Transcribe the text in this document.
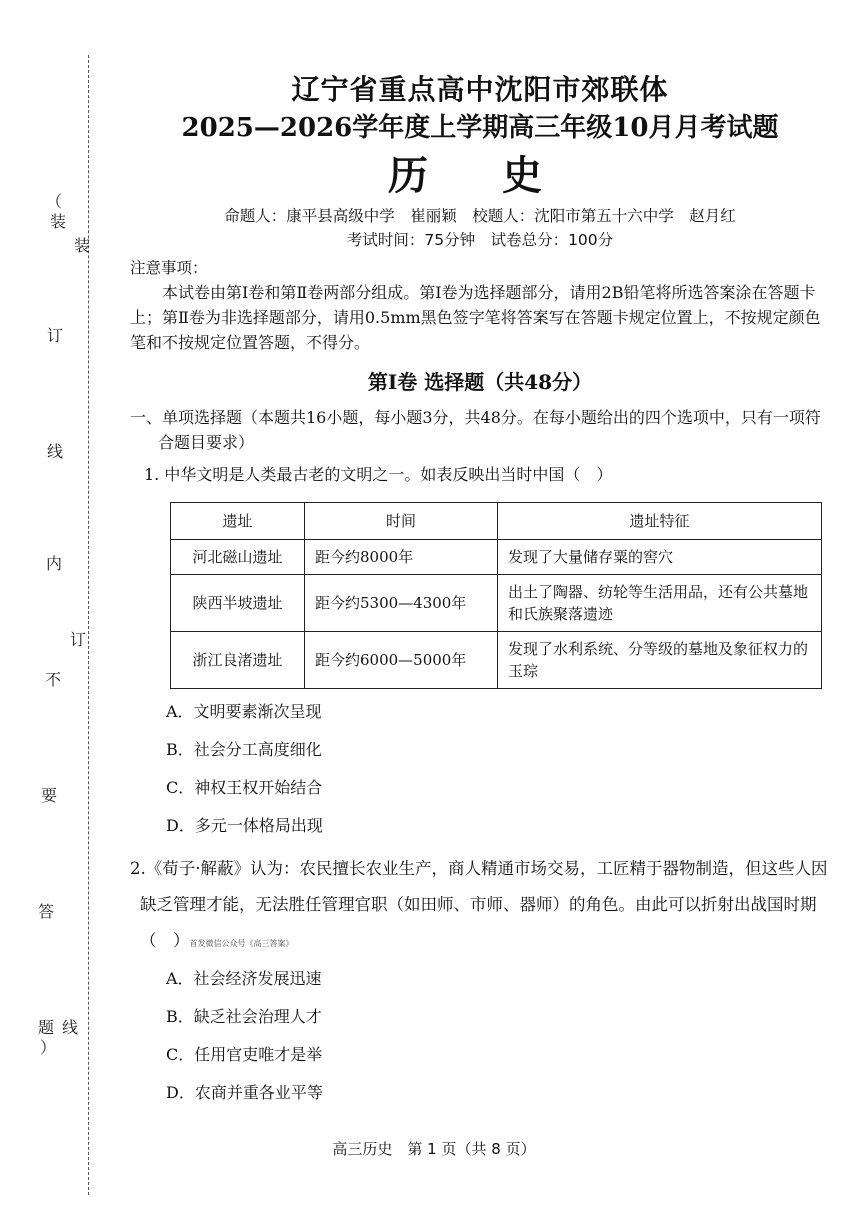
（
装
订
线
内
不
要
答
题
）
装
订
线
辽宁省重点高中沈阳市郊联体
2025—2026学年度上学期高三年级10月月考试题
历 史
命题人：康平县高级中学　崔丽颖　校题人：沈阳市第五十六中学　赵月红
考试时间：75分钟　试卷总分：100分
注意事项：

本试卷由第Ⅰ卷和第Ⅱ卷两部分组成。第Ⅰ卷为选择题部分，请用2B铅笔将所选答案涂在答题卡上；第Ⅱ卷为非选择题部分，请用0.5mm黑色签字笔将答案写在答题卡规定位置上，不按规定颜色笔和不按规定位置答题，不得分。

第Ⅰ卷 选择题（共48分）
一、单项选择题（本题共16小题，每小题3分，共48分。在每小题给出的四个选项中，只有一项符合题目要求）
1. 中华文明是人类最古老的文明之一。如表反映出当时中国（　）
遗址	时间	遗址特征
河北磁山遗址	距今约8000年	发现了大量储存粟的窖穴
陕西半坡遗址	距今约5300—4300年	出土了陶器、纺轮等生活用品，还有公共墓地和氏族聚落遗迹
浙江良渚遗址	距今约6000—5000年	发现了水利系统、分等级的墓地及象征权力的玉琮
A．文明要素渐次呈现
B．社会分工高度细化
C．神权王权开始结合
D．多元一体格局出现
2.《荀子·解蔽》认为：农民擅长农业生产，商人精通市场交易，工匠精于器物制造，但这些人因缺乏管理才能，无法胜任管理官职（如田师、市师、器师）的角色。由此可以折射出战国时期（　）首发微信公众号《高三答案》
A．社会经济发展迅速
B．缺乏社会治理人才
C．任用官吏唯才是举
D．农商并重各业平等
高三历史　第 1 页（共 8 页）
